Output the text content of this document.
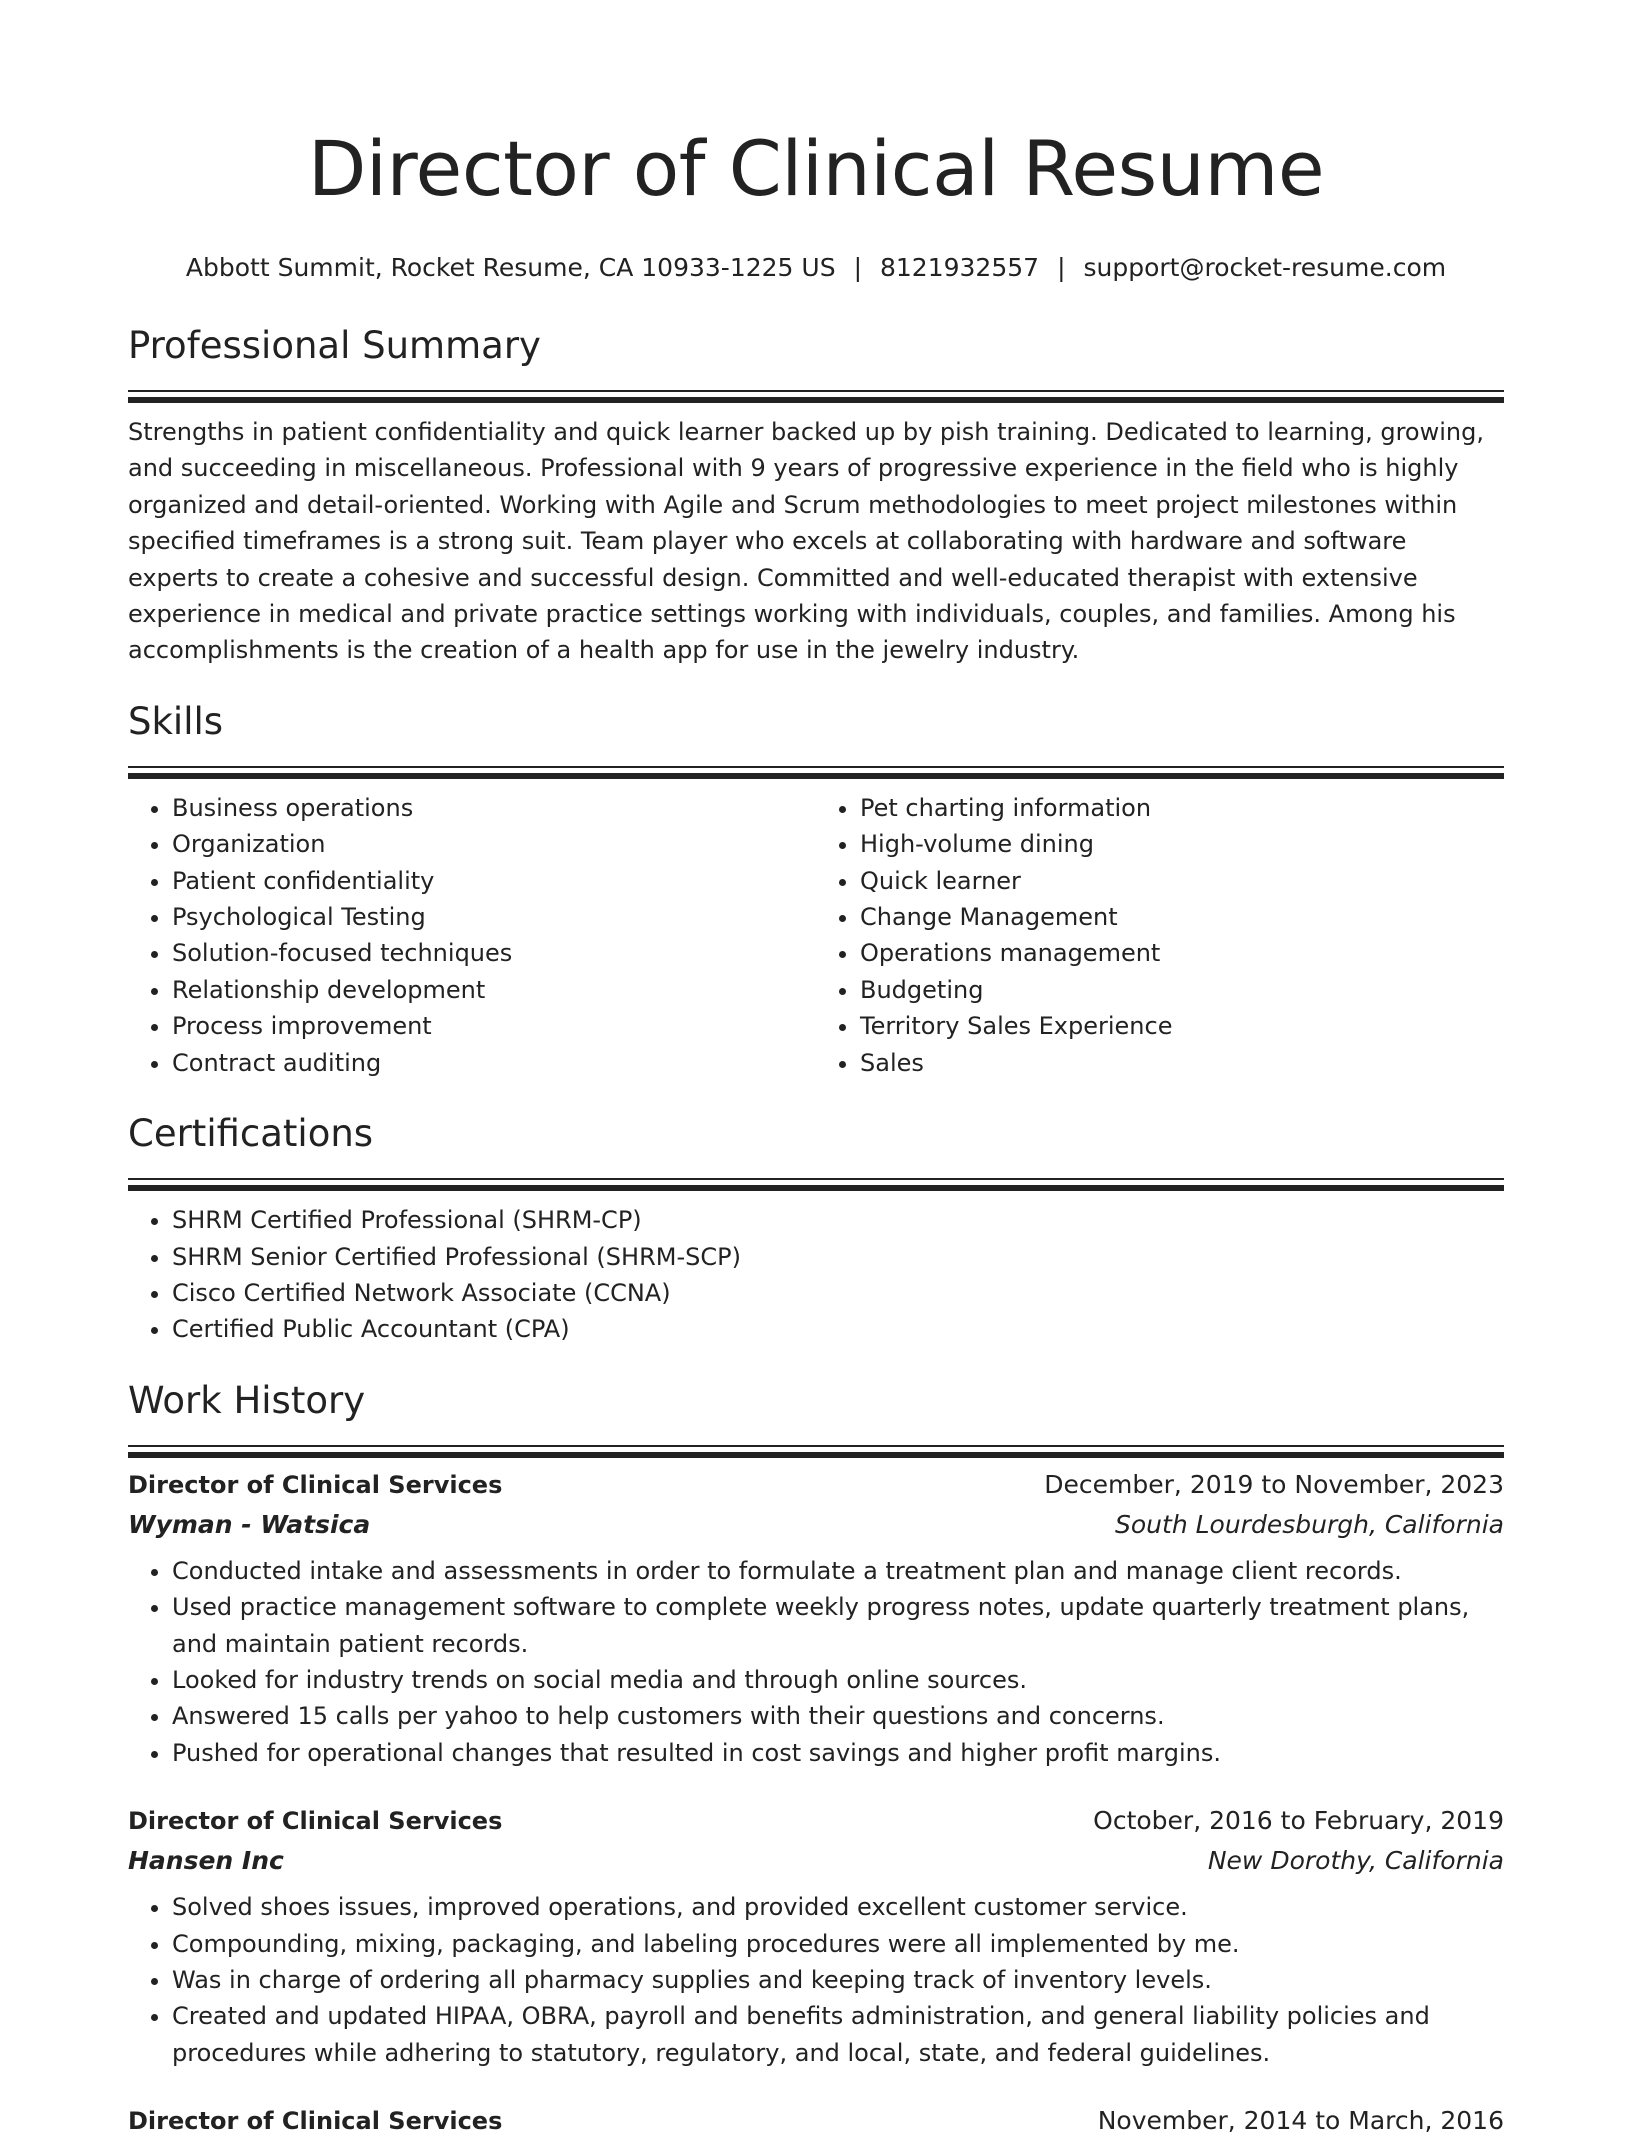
Director of Clinical Resume
Abbott Summit, Rocket Resume, CA 10933-1225 US | 8121932557 | support@rocket-resume.com
Professional Summary

Strengths in patient confidentiality and quick learner backed up by pish training. Dedicated to learning, growing, and succeeding in miscellaneous. Professional with 9 years of progressive experience in the field who is highly organized and detail-oriented. Working with Agile and Scrum methodologies to meet project milestones within specified timeframes is a strong suit. Team player who excels at collaborating with hardware and software experts to create a cohesive and successful design. Committed and well-educated therapist with extensive experience in medical and private practice settings working with individuals, couples, and families. Among his accomplishments is the creation of a health app for use in the jewelry industry.

Skills
• Business operations
• Organization
• Patient confidentiality
• Psychological Testing
• Solution-focused techniques
• Relationship development
• Process improvement
• Contract auditing
• Pet charting information
• High-volume dining
• Quick learner
• Change Management
• Operations management
• Budgeting
• Territory Sales Experience
• Sales
Certifications
• SHRM Certified Professional (SHRM-CP)
• SHRM Senior Certified Professional (SHRM-SCP)
• Cisco Certified Network Associate (CCNA)
• Certified Public Accountant (CPA)
Work History
Director of Clinical Services	December, 2019 to November, 2023
Wyman - Watsica	South Lourdesburgh, California
• Conducted intake and assessments in order to formulate a treatment plan and manage client records.
• Used practice management software to complete weekly progress notes, update quarterly treatment plans, and maintain patient records.
• Looked for industry trends on social media and through online sources.
• Answered 15 calls per yahoo to help customers with their questions and concerns.
• Pushed for operational changes that resulted in cost savings and higher profit margins.
Director of Clinical Services	October, 2016 to February, 2019
Hansen Inc	New Dorothy, California
• Solved shoes issues, improved operations, and provided excellent customer service.
• Compounding, mixing, packaging, and labeling procedures were all implemented by me.
• Was in charge of ordering all pharmacy supplies and keeping track of inventory levels.
• Created and updated HIPAA, OBRA, payroll and benefits administration, and general liability policies and procedures while adhering to statutory, regulatory, and local, state, and federal guidelines.
Director of Clinical Services	November, 2014 to March, 2016
